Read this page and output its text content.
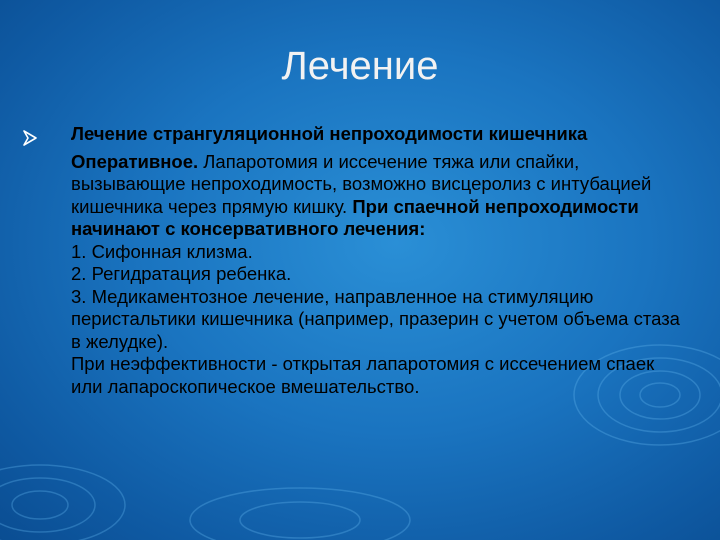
Лечение

Лечение странгуляционной непроходимости кишечника

Оперативное. Лапаротомия и иссечение тяжа или спайки, вызывающие непроходимость, возможно висцеролиз с интубацией кишечника через прямую кишку. При спаечной непроходимости начинают с консервативного лечения:

1. Сифонная клизма.

2. Регидратация ребенка.

3. Медикаментозное лечение, направленное на стимуляцию перистальтики кишечника (например, празерин с учетом объема стаза в желудке).

При неэффективности - открытая лапаротомия с иссечением спаек или лапароскопическое вмешательство.
